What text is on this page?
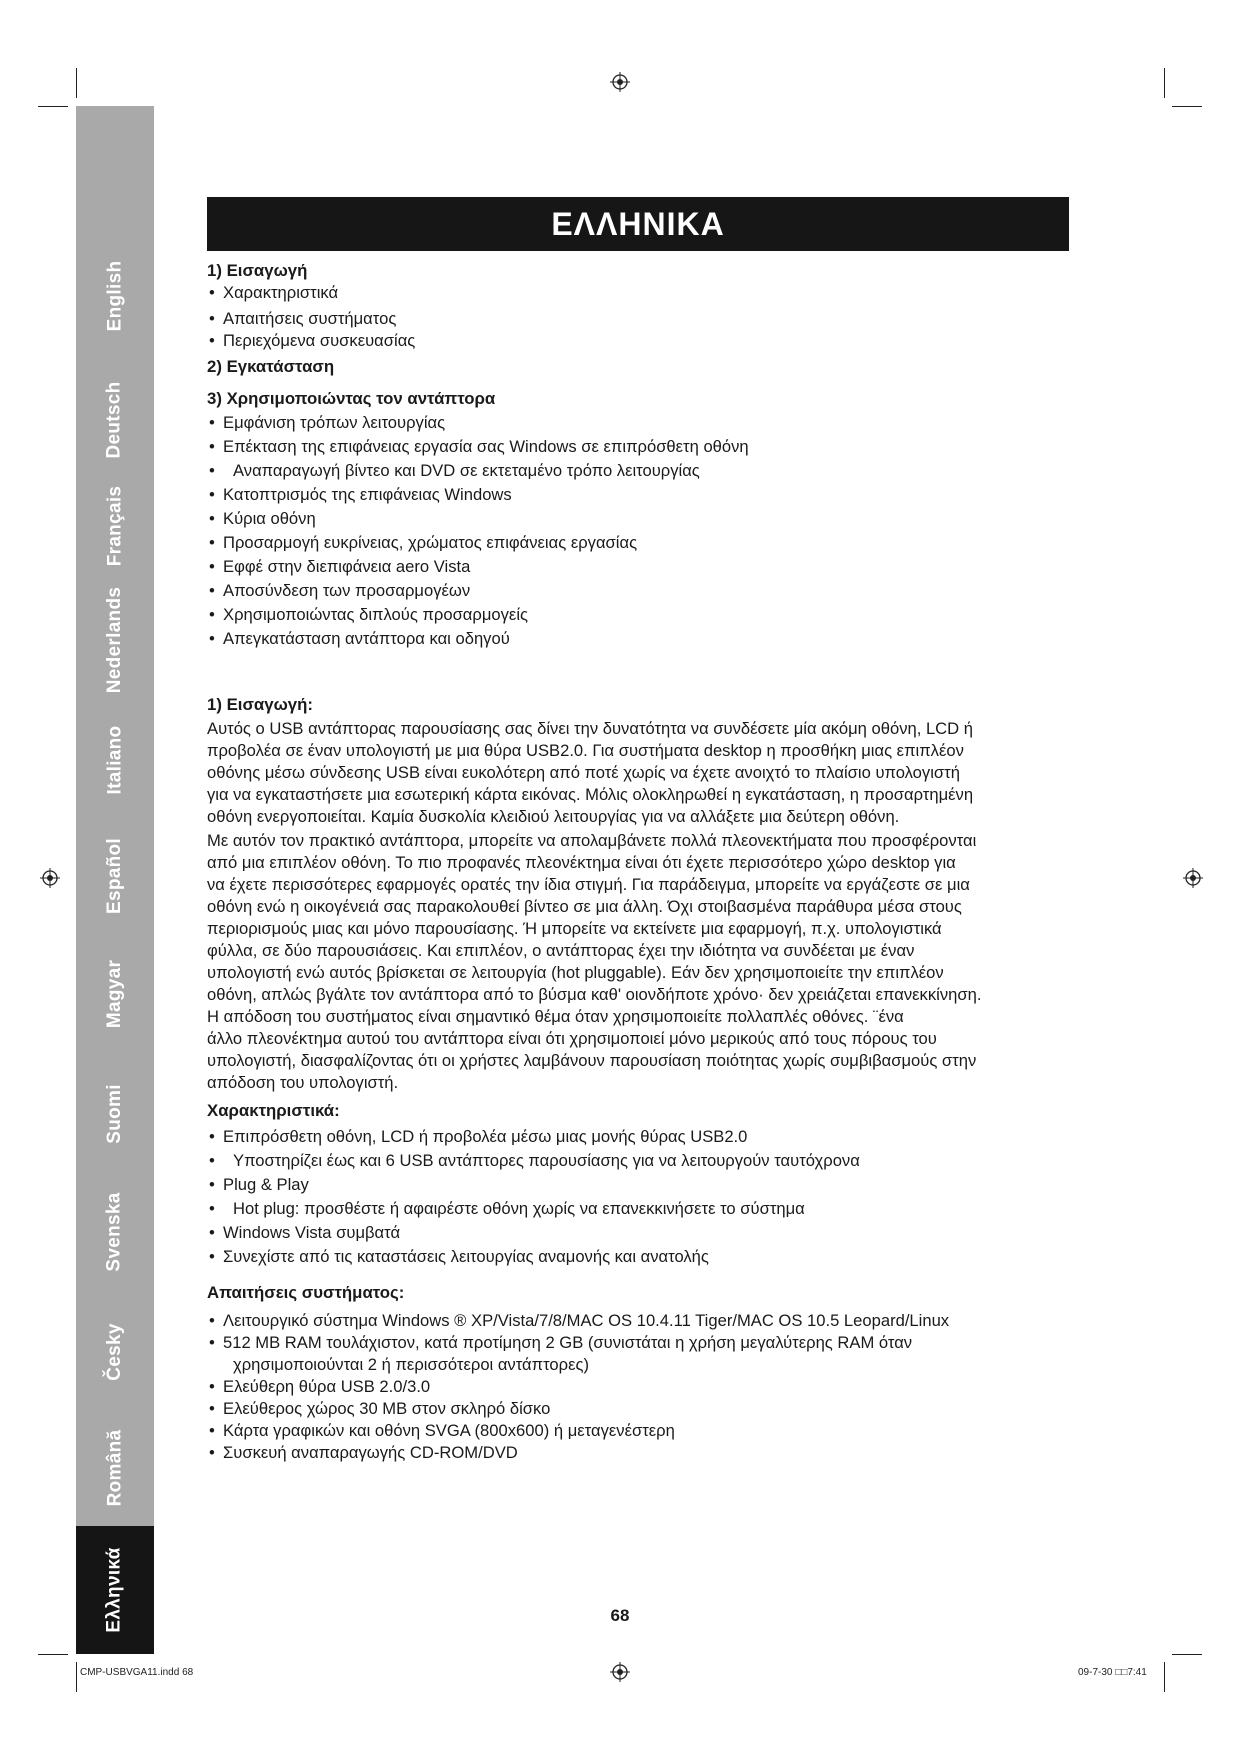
English
Deutsch
Français
Nederlands
Italiano
Español
Magyar
Suomi
Svenska
Česky
Română
Ελληνικά
ΕΛΛΗΝΙΚΑ

1) Εισαγωγή

• Χαρακτηριστικά
• Απαιτήσεις συστήματος
• Περιεχόμενα συσκευασίας

2) Εγκατάσταση

3) Χρησιμοποιώντας τον αντάπτορα

• Εμφάνιση τρόπων λειτουργίας
• Επέκταση της επιφάνειας εργασία σας Windows σε επιπρόσθετη οθόνη
• Αναπαραγωγή βίντεο και DVD σε εκτεταμένο τρόπο λειτουργίας
• Κατοπτρισμός της επιφάνειας Windows
• Κύρια οθόνη
• Προσαρμογή ευκρίνειας, χρώματος επιφάνειας εργασίας
• Εφφέ στην διεπιφάνεια aero Vista
• Αποσύνδεση των προσαρμογέων
• Χρησιμοποιώντας διπλούς προσαρμογείς
• Απεγκατάσταση αντάπτορα και οδηγού

1) Εισαγωγή:

Αυτός ο USB αντάπτορας παρουσίασης σας δίνει την δυνατότητα να συνδέσετε μία ακόμη οθόνη, LCD ή
προβολέα σε έναν υπολογιστή με μια θύρα USB2.0. Για συστήματα desktop η προσθήκη μιας επιπλέον
οθόνης μέσω σύνδεσης USB είναι ευκολότερη από ποτέ χωρίς να έχετε ανοιχτό το πλαίσιο υπολογιστή
για να εγκαταστήσετε μια εσωτερική κάρτα εικόνας. Μόλις ολοκληρωθεί η εγκατάσταση, η προσαρτημένη
οθόνη ενεργοποιείται. Καμία δυσκολία κλειδιού λειτουργίας για να αλλάξετε μια δεύτερη οθόνη.
Με αυτόν τον πρακτικό αντάπτορα, μπορείτε να απολαμβάνετε πολλά πλεονεκτήματα που προσφέρονται
από μια επιπλέον οθόνη. Το πιο προφανές πλεονέκτημα είναι ότι έχετε περισσότερο χώρο desktop για
να έχετε περισσότερες εφαρμογές ορατές την ίδια στιγμή. Για παράδειγμα, μπορείτε να εργάζεστε σε μια
οθόνη ενώ η οικογένειά σας παρακολουθεί βίντεο σε μια άλλη. Όχι στοιβασμένα παράθυρα μέσα στους
περιορισμούς μιας και μόνο παρουσίασης. Ή μπορείτε να εκτείνετε μια εφαρμογή, π.χ. υπολογιστικά
φύλλα, σε δύο παρουσιάσεις. Και επιπλέον, ο αντάπτορας έχει την ιδιότητα να συνδέεται με έναν
υπολογιστή ενώ αυτός βρίσκεται σε λειτουργία (hot pluggable). Εάν δεν χρησιμοποιείτε την επιπλέον
οθόνη, απλώς βγάλτε τον αντάπτορα από το βύσμα καθ' οιονδήποτε χρόνο· δεν χρειάζεται επανεκκίνηση.
Η απόδοση του συστήματος είναι σημαντικό θέμα όταν χρησιμοποιείτε πολλαπλές οθόνες. ¨ένα
άλλο πλεονέκτημα αυτού του αντάπτορα είναι ότι χρησιμοποιεί μόνο μερικούς από τους πόρους του
υπολογιστή, διασφαλίζοντας ότι οι χρήστες λαμβάνουν παρουσίαση ποιότητας χωρίς συμβιβασμούς στην
απόδοση του υπολογιστή.

Χαρακτηριστικά:

• Επιπρόσθετη οθόνη, LCD ή προβολέα μέσω μιας μονής θύρας USB2.0
• Υποστηρίζει έως και 6 USB αντάπτορες παρουσίασης για να λειτουργούν ταυτόχρονα
• Plug & Play
• Hot plug: προσθέστε ή αφαιρέστε οθόνη χωρίς να επανεκκινήσετε το σύστημα
• Windows Vista συμβατά
• Συνεχίστε από τις καταστάσεις λειτουργίας αναμονής και ανατολής

Απαιτήσεις συστήματος:

• Λειτουργικό σύστημα Windows ® XP/Vista/7/8/MAC OS 10.4.11 Tiger/MAC OS 10.5 Leopard/Linux
• 512 MB RAM τουλάχιστον, κατά προτίμηση 2 GB (συνιστάται η χρήση μεγαλύτερης RAM όταν
χρησιμοποιούνται 2 ή περισσότεροι αντάπτορες)
• Ελεύθερη θύρα USB 2.0/3.0
• Ελεύθερος χώρος 30 MB στον σκληρό δίσκο
• Κάρτα γραφικών και οθόνη SVGA (800x600) ή μεταγενέστερη
• Συσκευή αναπαραγωγής CD-ROM/DVD
68
CMP-USBVGA11.indd 68	09-7-30 □□7:41
